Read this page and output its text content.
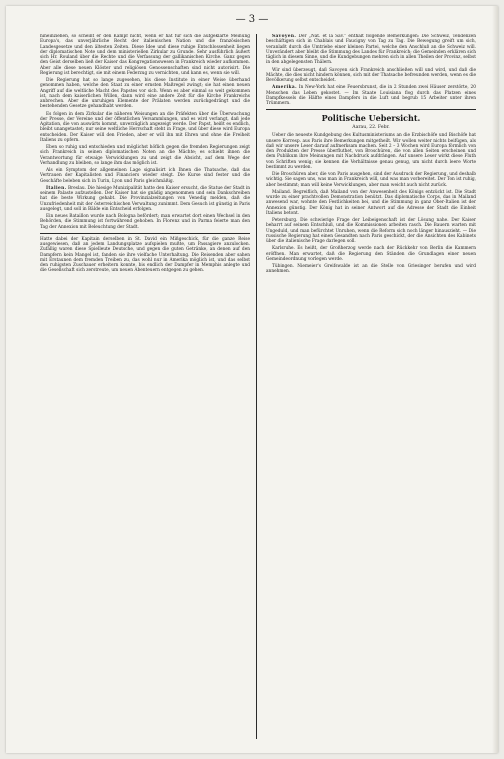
— 3 —

hineinziehen, so scheint er den Kampf nicht, wenn er hat für sich die aufgeklärte Meinung Europa's, das unverjährliche Recht der italienischen Nation und die französischen Landesgesetze und den ältesten Zeiten. Diese Idee und diese ruhige Entschlossenheit liegen der diplomatischen Note und dem ministeriellen Zirkular zu Grunde. Sehr ausführlich äußert sich Hr. Rouland über die Rechte und die Verfassung der gallikanischen Kirche. Ganz gegen den Geist derselben ließ der Kaiser das Kongregationswesen in Frankreich wieder aufkommen. Aber alle diese neuen Klöster und religiösen Genossenschaften sind nicht autorisirt. Die Regierung ist berechtigt, sie mit einem Federzug zu vernichten, und kann es, wenn sie will.

Die Regierung hat so lange zugesehen, bis diese Institute in einer Weise überhand genommen haben, welche den Staat zu einer ernsten Maßregel zwingt; sie hat einen neuen Angriff auf die weltliche Macht des Papstes vor sich. Wenn es aber einmal so weit gekommen ist, nach dem kaiserlichen Willen, dann wird eine andere Zeit für die Kirche Frankreichs anbrechen. Aber die unruhigen Elemente der Prälaten werden zurückgedrängt und die bestehenden Gesetze gehandhabt werden.

Es folgen in dem Zirkular die näheren Weisungen an die Präfekten über die Überwachung der Presse, der Vereine und der öffentlichen Versammlungen, und es wird verlangt, daß jede Agitation, die von auswärts kommt, unverzüglich angezeigt werde. Der Papst, heißt es endlich, bleibt unangetastet; nur seine weltliche Herrschaft steht in Frage, und über diese wird Europa entscheiden. Der Kaiser will den Frieden, aber er will ihn mit Ehren und ohne die Freiheit Italiens zu opfern.

Eben so ruhig und entschieden und möglichst höflich gegen die fremden Regierungen zeigt sich Frankreich in seinen diplomatischen Noten an die Mächte; es schiebt ihnen die Verantwortung für etwaige Verwicklungen zu und zeigt die Absicht, auf dem Wege der Verhandlung zu bleiben, so lange ihm das möglich ist.

Als ein Symptom der allgemeinen Lage signalisirt ich Ihnen die Thatsache, daß das Vertrauen der Kapitalisten und Financiers wieder steigt. Die Kurse sind fester und die Geschäfte beleben sich in Turin, Lyon und Paris gleichmäßig.

Italien. Breslau. Die hiesige Munizipalität hatte den Kaiser ersucht, die Statue der Stadt in seinem Palaste aufzustellen. Der Kaiser hat sie gnädig angenommen und sein Dankschreiben hat die beste Wirkung gehabt. Die Provinzialzeitungen von Venedig melden, daß die Unzufriedenheit mit der österreichischen Verwaltung zunimmt. Dem Gesuch ist günstig in Paris ausgelegt, und soll in Bälde ein Entscheid erfolgen.

Ein neues Bataillon wurde nach Bologna befördert; man erwartet dort einen Wechsel in den Behörden, die Stimmung ist fortwährend gehoben. In Florenz und in Parma feierte man den Tag der Annexion mit Beleuchtung der Stadt.

Hatte dabei der Kapitain derselben in St. David ein Mißgeschick, für die ganze Reise ausgewiesen, daß an jedem Landungsplatze aufspielen mußte, um Passagiere anzulocken. Zufällig waren diese Spielleute Deutsche, und gegen die guten Getränke, an denen auf den Dampfern kein Mangel ist, fanden sie ihre vielfache Unterhaltung. Die Reisenden aber sahen mit Erstaunen dem fremden Treiben zu, das wohl nur in Amerika möglich ist, und das selbst den ruhigsten Zuschauer erheitern konnte, bis endlich der Dampfer in Memphis anlegte und die Gesellschaft sich zerstreute, um neuen Abenteuern entgegen zu gehen.

Savoyen. Der „Nat. et la Sav.“ enthält folgende Bemerkungen: Die Schweiz, Tendenzen beschäftigen sich in Chablais und Faucigny von Tag zu Tag. Die Bewegung greift um sich, veranlaßt durch die Umtriebe einer kleinen Partei, welche den Anschluß an die Schweiz will. Unverändert aber bleibt die Stimmung des Landes für Frankreich; die Gemeinden erklären sich täglich in diesem Sinne, und die Kundgebungen mehren sich in allen Theilen der Provinz, selbst in den abgelegensten Thälern.

Wir sind überzeugt, daß Savoyen sich Frankreich anschließen will und wird, und daß die Mächte, die dies nicht hindern können, sich mit der Thatsache befreunden werden, wenn es die Bevölkerung selbst entscheidet.

Amerika. In New-York hat eine Feuersbrunst, die in 2 Stunden zwei Häuser zerstörte, 20 Menschen das Leben gekostet. — Im Staate Louisiana flog durch das Platzen eines Dampfkessels die Hälfte eines Dampfers in die Luft und begrub 15 Arbeiter unter ihren Trümmern.

Politische Uebersicht.
Aarau, 22. Febr.

Ueber die neueste Kundgebung des Kultusministeriums an die Erzbischöfe und Bischöfe hat unsere Korresp. aus Paris ihre Bemerkungen mitgetheilt. Wir wollen weiter nichts beifügen, als daß wir unsere Leser darauf aufmerksam machen. Seit 2 – 3 Wochen wird Europa förmlich von den Produkten der Presse überfluthet, von Broschüren, die von allen Seiten erscheinen und dem Publikum ihre Meinungen mit Nachdruck aufdrängen. Auf unsere Leser wirkt diese Fluth von Schriften wenig; sie kennen die Verhältnisse genau genug, um nicht durch leere Worte bestimmt zu werden.

Die Broschüren aber, die von Paris ausgehen, sind der Ausdruck der Regierung, und deshalb wichtig. Sie sagen uns, was man in Frankreich will, und was man vorbereitet. Der Ton ist ruhig, aber bestimmt; man will keine Verwicklungen, aber man weicht auch nicht zurück.

Mailand. Begreiflich, daß Mailand von der Anwesenheit des Königs entzückt ist. Die Stadt wurde zu einer prachtvollen Demonstration benützt. Das diplomatische Corps, das in Mailand anwesend war, wohnte den Festlichkeiten bei, und die Stimmung in ganz Ober-Italien ist der Annexion günstig. Der König hat in seiner Antwort auf die Adresse der Stadt die Einheit Italiens betont.

Petersburg. Die schwierige Frage der Leibeigenschaft ist der Lösung nahe. Der Kaiser beharrt auf seinem Entschluß, und die Kommissionen arbeiten rasch. Die Bauern warten mit Ungeduld, und man befürchtet Unruhen, wenn die Reform sich noch länger hinauszieht. — Die russische Regierung hat einen Gesandten nach Paris geschickt, der die Ansichten des Kabinets über die italienische Frage darlegen soll.

Karlsruhe. Es heißt, der Großherzog werde nach der Rückkehr von Berlin die Kammern eröffnen. Man erwartet, daß die Regierung den Ständen die Grundlagen einer neuen Gemeindeordnung vorlegen werde.

Tübingen. Niemeier's Greifswalde ist an die Stelle von Griesinger berufen und wird annehmen.
